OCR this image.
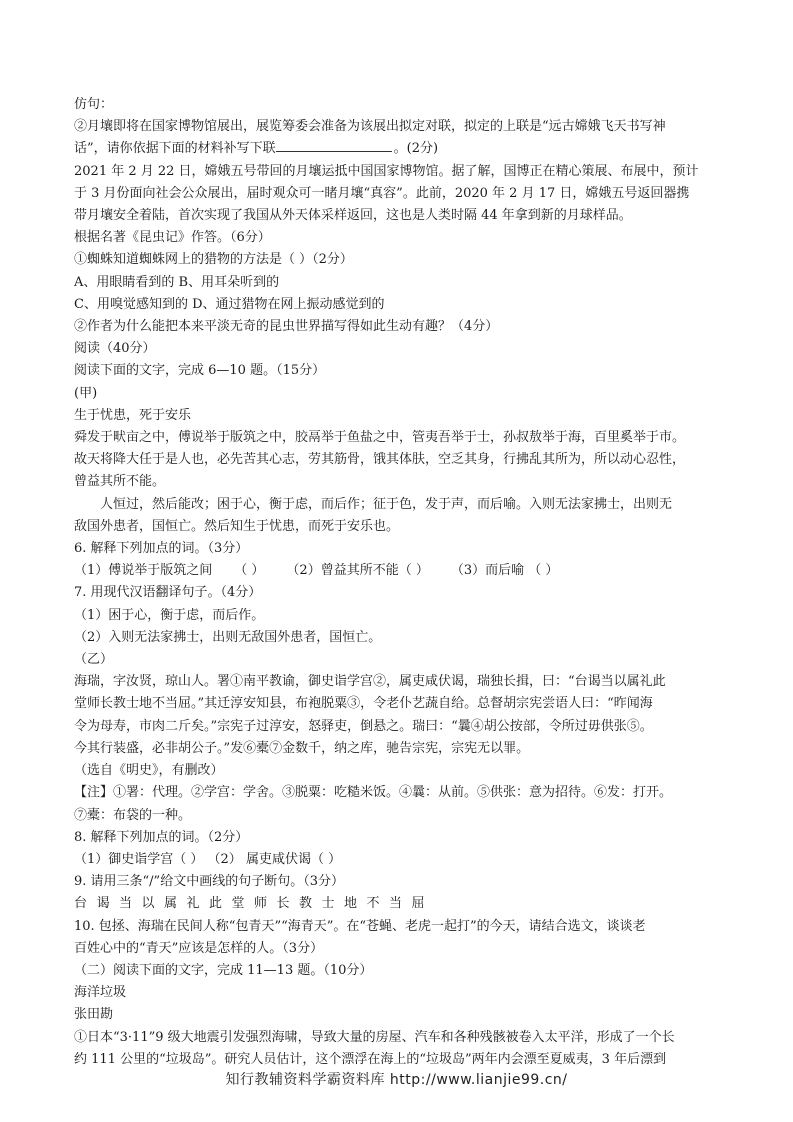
仿句：
②月壤即将在国家博物馆展出，展览筹委会准备为该展出拟定对联，拟定的上联是“远古嫦娥飞天书写神
话”，请你依据下面的材料补写下联	。(2分)
2021 年 2 月 22 日，嫦娥五号带回的月壤运抵中国国家博物馆。据了解，国博正在精心策展、布展中，预计
于 3 月份面向社会公众展出，届时观众可一睹月壤“真容”。此前，2020 年 2 月 17 日，嫦娥五号返回器携
带月壤安全着陆，首次实现了我国从外天体采样返回，这也是人类时隔 44 年拿到新的月球样品。
根据名著《昆虫记》作答。（6分）
①蜘蛛知道蜘蛛网上的猎物的方法是（ ）（2分）
A、用眼睛看到的 B、用耳朵听到的
C、用嗅觉感知到的 D、通过猎物在网上振动感觉到的
②作者为什么能把本来平淡无奇的昆虫世界描写得如此生动有趣？（4分）
阅读（40分）
阅读下面的文字，完成 6—10 题。（15分）
(甲)
生于忧患，死于安乐
舜发于畎亩之中，傅说举于版筑之中，胶鬲举于鱼盐之中，管夷吾举于士，孙叔敖举于海，百里奚举于市。
故天将降大任于是人也，必先苦其心志，劳其筋骨，饿其体肤，空乏其身，行拂乱其所为，所以动心忍性，
曾益其所不能。
人恒过，然后能改；困于心，衡于虑，而后作；征于色，发于声，而后喻。入则无法家拂士，出则无
敌国外患者，国恒亡。然后知生于忧患，而死于安乐也。
6. 解释下列加点的词。（3分）
（1）傅说举于版筑之间 （ ） （2）曾益其所不能（ ） （3）而后喻 （ ）
7. 用现代汉语翻译句子。（4分）
（1）困于心，衡于虑，而后作。
（2）入则无法家拂士，出则无敌国外患者，国恒亡。
（乙）
海瑞，字汝贤，琼山人。署①南平教谕，御史诣学宫②，属吏咸伏谒，瑞独长揖，曰：“台谒当以属礼此
堂师长教士地不当屈。”其迁淳安知县，布袍脱粟③，令老仆艺蔬自给。总督胡宗宪尝语人曰：“昨闻海
令为母寿，市肉二斤矣。”宗宪子过淳安，怒驿吏，倒悬之。瑞曰：“曩④胡公按部，令所过毋供张⑤。
今其行装盛，必非胡公子。”发⑥橐⑦金数千，纳之库，驰告宗宪，宗宪无以罪。
（选自《明史》，有删改）
【注】①署：代理。②学宫：学舍。③脱粟：吃糙米饭。④曩：从前。⑤供张：意为招待。⑥发：打开。
⑦橐：布袋的一种。
8. 解释下列加点的词。（2分）
（1）御史诣学宫（ ） （2） 属吏咸伏谒（ ）
9. 请用三条“/”给文中画线的句子断句。（3分）
台谒当以属礼此堂师长教士地不当屈
10. 包拯、海瑞在民间人称“包青天”“海青天”。在“苍蝇、老虎一起打”的今天，请结合选文，谈谈老
百姓心中的“青天”应该是怎样的人。（3分）
（二）阅读下面的文字，完成 11—13 题。（10分）
海洋垃圾
张田勘
①日本“3·11”9 级大地震引发强烈海啸，导致大量的房屋、汽车和各种残骸被卷入太平洋，形成了一个长
约 111 公里的“垃圾岛”。研究人员估计，这个漂浮在海上的“垃圾岛”两年内会漂至夏威夷，3 年后漂到
知行教辅资料学霸资料库 http://www.lianjie99.cn/
